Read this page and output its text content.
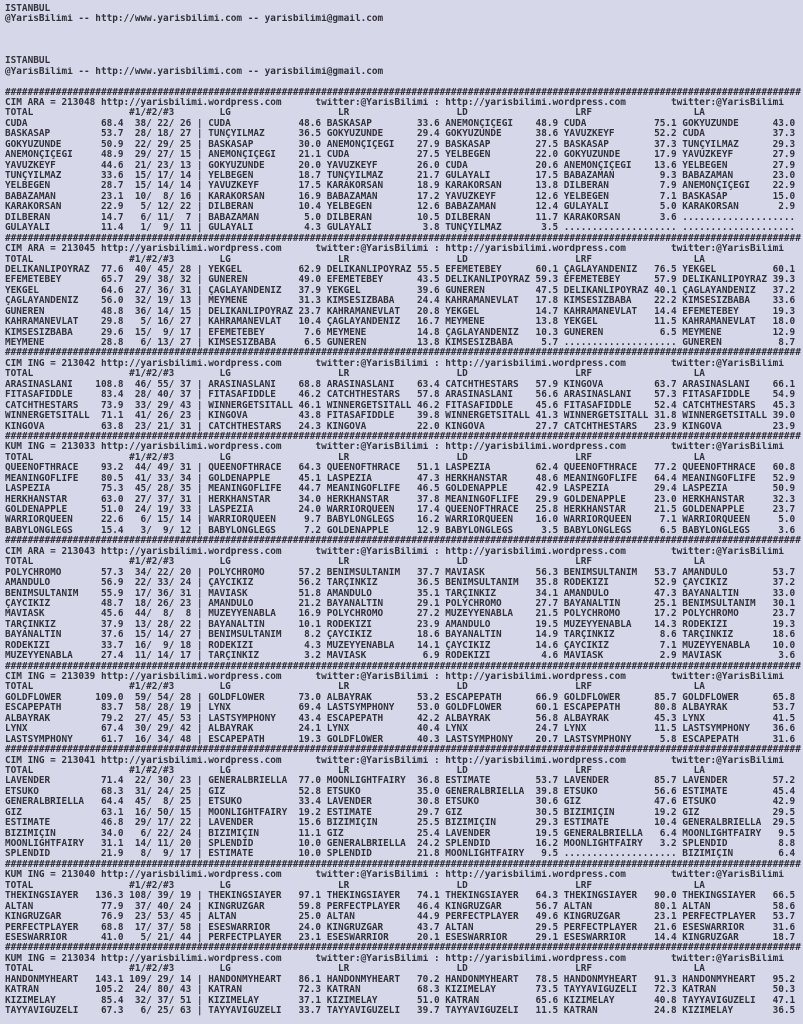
ISTANBUL
@YarisBilimi -- http://www.yarisbilimi.com -- yarisbilimi@gmail.com

ISTANBUL
@YarisBilimi -- http://www.yarisbilimi.com -- yarisbilimi@gmail.com

#############################################################################################################################################
CIM ARA = 213048 http://yarisbilimi.wordpress.com      twitter:@YarisBilimi : http://yarisbilimi.wordpress.com        twitter:@YarisBilimi
TOTAL                 #1/#2/#3        LG                   LR                   LD                   LRF                  LA
CÜDA             68.4  38/ 22/ 26 | CÜDA            48.6 BASKASAP        33.6 ANEMONÇIÇEGI    48.9 CÜDA            75.1 GÖKYÜZÜNDE      43.0
BASKASAP         53.7  28/ 18/ 27 | TUNÇYILMAZ      36.5 GÖKYÜZÜNDE      29.4 GÖKYÜZÜNDE      38.6 YAVUZKEYF       52.2 CÜDA            37.3
GÖKYÜZÜNDE       50.9  22/ 29/ 25 | BASKASAP        30.0 ANEMONÇIÇEGI    27.9 BASKASAP        27.5 BASKASAP        37.3 TUNÇYILMAZ      29.3
ANEMONÇIÇEGI     48.9  29/ 27/ 15 | ANEMONÇIÇEGI    21.1 CÜDA            27.5 YELBEGEN        22.0 GÖKYÜZÜNDE      17.9 YAVUZKEYF       27.9
YAVUZKEYF        44.6  21/ 23/ 13 | GÖKYÜZÜNDE      20.0 YAVUZKEYF       26.0 CÜDA            20.6 ANEMONÇIÇEGI    13.6 YELBEGEN        27.9
TUNÇYILMAZ       33.6  15/ 17/ 14 | YELBEGEN        18.7 TUNÇYILMAZ      21.7 GÜLAYALI        17.5 BABAZAMAN        9.3 BABAZAMAN       23.0
YELBEGEN         28.7  15/ 14/ 14 | YAVUZKEYF       17.5 KARAKORSAN      18.9 KARAKORSAN      13.8 DILBERAN         7.9 ANEMONÇIÇEGI    22.9
BABAZAMAN        23.1  10/  8/ 16 | KARAKORSAN      16.9 BABAZAMAN       17.2 YAVUZKEYF       12.6 YELBEGEN         7.1 BASKASAP        15.0
KARAKORSAN       22.9   5/ 12/ 22 | DILBERAN        10.4 YELBEGEN        12.6 BABAZAMAN       12.4 GÜLAYALI         5.0 KARAKORSAN       2.9
DILBERAN         14.7   6/ 11/  7 | BABAZAMAN        5.0 DILBERAN        10.5 DILBERAN        11.7 KARAKORSAN       3.6 ....................
GÜLAYALI         11.4   1/  9/ 11 | GÜLAYALI         4.3 GÜLAYALI         3.8 TUNÇYILMAZ       3.5 .................... ....................
#############################################################################################################################################
CIM ARA = 213045 http://yarisbilimi.wordpress.com      twitter:@YarisBilimi : http://yarisbilimi.wordpress.com        twitter:@YarisBilimi
TOTAL                 #1/#2/#3        LG                   LR                   LD                   LRF                  LA
DELIKANLIPOYRAZ  77.6  40/ 45/ 28 | YEKGEL          62.9 DELIKANLIPOYRAZ 55.5 EFEMETEBEY      60.1 ÇAGLAYANDENIZ   76.5 YEKGEL          60.1
EFEMETEBEY       65.7  29/ 38/ 32 | GÜNEREN         49.0 EFEMETEBEY      43.5 DELIKANLIPOYRAZ 59.3 EFEMETEBEY      57.9 DELIKANLIPOYRAZ 39.3
YEKGEL           64.6  27/ 36/ 31 | ÇAGLAYANDENIZ   37.9 YEKGEL          39.6 GÜNEREN         47.5 DELIKANLIPOYRAZ 40.1 ÇAGLAYANDENIZ   37.2
ÇAGLAYANDENIZ    56.0  32/ 19/ 13 | MEYMENE         31.3 KIMSESIZBABA    24.4 KAHRAMANEVLAT   17.8 KIMSESIZBABA    22.2 KIMSESIZBABA    33.6
GÜNEREN          48.8  36/ 14/ 15 | DELIKANLIPOYRAZ 23.7 KAHRAMANEVLAT   20.8 YEKGEL          14.7 KAHRAMANEVLAT   14.4 EFEMETEBEY      19.3
KAHRAMANEVLAT    29.8   5/ 16/ 27 | KAHRAMANEVLAT   10.4 ÇAGLAYANDENIZ   16.7 MEYMENE         13.8 YEKGEL          11.5 KAHRAMANEVLAT   18.0
KIMSESIZBABA     29.6  15/  9/ 17 | EFEMETEBEY       7.6 MEYMENE         14.8 ÇAGLAYANDENIZ   10.3 GÜNEREN          6.5 MEYMENE         12.9
MEYMENE          28.8   6/ 13/ 27 | KIMSESIZBABA     6.5 GÜNEREN         13.8 KIMSESIZBABA     5.7 .................... GÜNEREN          8.7
#############################################################################################################################################
CIM ING = 213042 http://yarisbilimi.wordpress.com      twitter:@YarisBilimi : http://yarisbilimi.wordpress.com        twitter:@YarisBilimi
TOTAL                 #1/#2/#3        LG                   LR                   LD                   LRF                  LA
ARASINASLANI    108.8  46/ 55/ 37 | ARASINASLANI    68.8 ARASINASLANI    63.4 CATCHTHESTARS   57.9 KINGOVA         63.7 ARASINASLANI    66.1
FITASAFIDDLE     83.4  28/ 40/ 37 | FITASAFIDDLE    46.2 CATCHTHESTARS   57.8 ARASINASLANI    56.6 ARASINASLANI    57.3 FITASAFIDDLE    54.9
CATCHTHESTARS    73.9  33/ 29/ 43 | WINNERGETSITALL 46.1 WINNERGETSITALL 46.2 FITASAFIDDLE    45.6 FITASAFIDDLE    52.4 CATCHTHESTARS   45.3
WINNERGETSITALL  71.1  41/ 26/ 23 | KINGOVA         43.8 FITASAFIDDLE    39.8 WINNERGETSITALL 41.3 WINNERGETSITALL 31.8 WINNERGETSITALL 39.0
KINGOVA          63.8  23/ 21/ 31 | CATCHTHESTARS   24.3 KINGOVA         22.0 KINGOVA         27.7 CATCHTHESTARS   23.9 KINGOVA         23.9
#############################################################################################################################################
KUM ING = 213033 http://yarisbilimi.wordpress.com      twitter:@YarisBilimi : http://yarisbilimi.wordpress.com        twitter:@YarisBilimi
TOTAL                 #1/#2/#3        LG                   LR                   LD                   LRF                  LA
QUEENOFTHRACE    93.2  44/ 49/ 31 | QUEENOFTHRACE   64.3 QUEENOFTHRACE   51.1 LASPEZIA        62.4 QUEENOFTHRACE   77.2 QUEENOFTHRACE   60.8
MEANINGOFLIFE    80.5  41/ 33/ 34 | GOLDENAPPLE     45.1 LASPEZIA        47.3 HERKHANSTAR     48.6 MEANINGOFLIFE   64.4 MEANINGOFLIFE   52.9
LASPEZIA         75.3  45/ 28/ 35 | MEANINGOFLIFE   44.7 MEANINGOFLIFE   46.5 GOLDENAPPLE     42.9 LASPEZIA        29.4 LASPEZIA        50.9
HERKHANSTAR      63.0  27/ 37/ 31 | HERKHANSTAR     34.0 HERKHANSTAR     37.8 MEANINGOFLIFE   29.9 GOLDENAPPLE     23.0 HERKHANSTAR     32.3
GOLDENAPPLE      51.0  24/ 19/ 33 | LASPEZIA        24.0 WARRIORQUEEN    17.4 QUEENOFTHRACE   25.8 HERKHANSTAR     21.5 GOLDENAPPLE     23.7
WARRIORQUEEN     22.6   6/ 15/ 14 | WARRIORQUEEN     9.7 BABYLONGLEGS    16.2 WARRIORQUEEN    16.0 WARRIORQUEEN     7.1 WARRIORQUEEN     5.0
BABYLONGLEGS     15.4   3/  9/ 12 | BABYLONGLEGS     7.2 GOLDENAPPLE     12.9 BABYLONGLEGS     3.5 BABYLONGLEGS     6.5 BABYLONGLEGS     3.6
#############################################################################################################################################
CIM ARA = 213043 http://yarisbilimi.wordpress.com      twitter:@YarisBilimi : http://yarisbilimi.wordpress.com        twitter:@YarisBilimi
TOTAL                 #1/#2/#3        LG                   LR                   LD                   LRF                  LA
POLYCHROMO       57.3  34/ 22/ 20 | POLYCHROMO      57.2 BENIMSULTANIM   37.7 MAVIASK         56.3 BENIMSULTANIM   53.7 AMANDULO        53.7
AMANDULO         56.9  22/ 33/ 24 | ÇAYCIKIZ        56.2 TARÇINKIZ       36.5 BENIMSULTANIM   35.8 RODEKIZI        52.9 ÇAYCIKIZ        37.2
BENIMSULTANIM    55.9  17/ 36/ 31 | MAVIASK         51.8 AMANDULO        35.1 TARÇINKIZ       34.1 AMANDULO        47.3 BAYANALTIN      33.0
ÇAYCIKIZ         48.7  18/ 26/ 23 | AMANDULO        21.2 BAYANALTIN      29.1 POLYCHROMO      27.7 BAYANALTIN      25.1 BENIMSULTANIM   30.1
MAVIASK          45.6  44/  8/  8 | MÜZEYYENABLA    16.9 POLYCHROMO      27.2 MÜZEYYENABLA    21.5 POLYCHROMO      17.2 POLYCHROMO      23.7
TARÇINKIZ        37.9  13/ 28/ 22 | BAYANALTIN      10.1 RODEKIZI        23.9 AMANDULO        19.5 MÜZEYYENABLA    14.3 RODEKIZI        19.3
BAYANALTIN       37.6  15/ 14/ 27 | BENIMSULTANIM    8.2 ÇAYCIKIZ        18.6 BAYANALTIN      14.9 TARÇINKIZ        8.6 TARÇINKIZ       18.6
RODEKIZI         33.7  16/  9/ 18 | RODEKIZI         4.3 MÜZEYYENABLA    14.1 ÇAYCIKIZ        14.6 ÇAYCIKIZ         7.1 MÜZEYYENABLA    10.0
MÜZEYYENABLA     27.4  11/ 14/ 17 | TARÇINKIZ        3.2 MAVIASK          6.9 RODEKIZI         4.6 MAVIASK          2.9 MAVIASK          3.6
#############################################################################################################################################
CIM ING = 213039 http://yarisbilimi.wordpress.com      twitter:@YarisBilimi : http://yarisbilimi.wordpress.com        twitter:@YarisBilimi
TOTAL                 #1/#2/#3        LG                   LR                   LD                   LRF                  LA
GOLDFLOWER      109.0  59/ 54/ 28 | GOLDFLOWER      73.0 ALBAYRAK        53.2 ESCAPEPATH      66.9 GOLDFLOWER      85.7 GOLDFLOWER      65.8
ESCAPEPATH       83.7  58/ 28/ 19 | LYNX            69.4 LASTSYMPHONY    53.0 GOLDFLOWER      60.1 ESCAPEPATH      80.8 ALBAYRAK        53.7
ALBAYRAK         79.2  27/ 45/ 53 | LASTSYMPHONY    43.4 ESCAPEPATH      42.2 ALBAYRAK        56.8 ALBAYRAK        45.3 LYNX            41.5
LYNX             67.4  30/ 29/ 42 | ALBAYRAK        24.1 LYNX            40.4 LYNX            24.7 LYNX            11.5 LASTSYMPHONY    36.6
LASTSYMPHONY     61.7  16/ 34/ 48 | ESCAPEPATH      19.3 GOLDFLOWER      40.3 LASTSYMPHONY    20.7 LASTSYMPHONY     5.8 ESCAPEPATH      31.6
#############################################################################################################################################
CIM ING = 213041 http://yarisbilimi.wordpress.com      twitter:@YarisBilimi : http://yarisbilimi.wordpress.com        twitter:@YarisBilimi
TOTAL                 #1/#2/#3        LG                   LR                   LD                   LRF                  LA
LAVENDER         71.4  22/ 30/ 23 | GENERALBRIELLA  77.0 MOONLIGHTFAIRY  36.8 ESTIMATE        53.7 LAVENDER        85.7 LAVENDER        57.2
ETSUKO           68.3  31/ 24/ 25 | GIZ             52.8 ETSUKO          35.0 GENERALBRIELLA  39.8 ETSUKO          56.6 ESTIMATE        45.4
GENERALBRIELLA   64.4  45/  8/ 25 | ETSUKO          33.4 LAVENDER        30.8 ETSUKO          30.6 GIZ             47.6 ETSUKO          42.9
GIZ              63.1  16/ 50/ 15 | MOONLIGHTFAIRY  19.2 ESTIMATE        29.7 GIZ             30.5 BIZIMIÇIN       19.2 GIZ             29.5
ESTIMATE         46.8  29/ 17/ 22 | LAVENDER        15.6 BIZIMIÇIN       25.5 BIZIMIÇIN       29.3 ESTIMATE        10.4 GENERALBRIELLA  29.5
BIZIMIÇIN        34.0   6/ 22/ 24 | BIZIMIÇIN       11.1 GIZ             25.4 LAVENDER        19.5 GENERALBRIELLA   6.4 MOONLIGHTFAIRY   9.5
MOONLIGHTFAIRY   31.1  14/ 11/ 20 | SPLENDID        10.0 GENERALBRIELLA  24.2 SPLENDID        16.2 MOONLIGHTFAIRY   3.2 SPLENDID         8.8
SPLENDID         21.9   8/  9/ 17 | ESTIMATE        10.0 SPLENDID        21.8 MOONLIGHTFAIRY   9.5 .................... BIZIMIÇIN        6.4
#############################################################################################################################################
KUM ING = 213040 http://yarisbilimi.wordpress.com      twitter:@YarisBilimi : http://yarisbilimi.wordpress.com        twitter:@YarisBilimi
TOTAL                 #1/#2/#3        LG                   LR                   LD                   LRF                  LA
THEKINGSIAYER   136.3 108/ 39/ 19 | THEKINGSIAYER   97.1 THEKINGSIAYER   74.1 THEKINGSIAYER   64.3 THEKINGSIAYER   90.0 THEKINGSIAYER   66.5
ALTAN            77.9  37/ 40/ 24 | KINGRÜZGAR      59.8 PERFECTPLAYER   46.4 KINGRÜZGAR      56.7 ALTAN           80.1 ALTAN           58.6
KINGRÜZGAR       76.9  23/ 53/ 45 | ALTAN           25.0 ALTAN           44.9 PERFECTPLAYER   49.6 KINGRÜZGAR      23.1 PERFECTPLAYER   53.7
PERFECTPLAYER    68.8  17/ 37/ 58 | ESESWARRIOR     24.0 KINGRÜZGAR      43.7 ALTAN           29.5 PERFECTPLAYER   21.6 ESESWARRIOR     31.6
ESESWARRIOR      41.0   5/ 21/ 44 | PERFECTPLAYER   23.1 ESESWARRIOR     20.1 ESESWARRIOR     29.1 ESESWARRIOR     14.4 KINGRÜZGAR      18.7
#############################################################################################################################################
KUM ING = 213034 http://yarisbilimi.wordpress.com      twitter:@YarisBilimi : http://yarisbilimi.wordpress.com        twitter:@YarisBilimi
TOTAL                 #1/#2/#3        LG                   LR                   LD                   LRF                  LA
HANDONMYHEART   143.1 109/ 29/ 14 | HANDONMYHEART   86.1 HANDONMYHEART   70.2 HANDONMYHEART   78.5 HANDONMYHEART   91.3 HANDONMYHEART   95.2
KATRAN          105.2  24/ 80/ 43 | KATRAN          72.3 KATRAN          68.3 KIZIMELAY       73.5 TAYYAVIGÜZELI   72.3 KATRAN          50.3
KIZIMELAY        85.4  32/ 37/ 51 | KIZIMELAY       37.1 KIZIMELAY       51.0 KATRAN          65.6 KIZIMELAY       40.8 TAYYAVIGÜZELI   47.1
TAYYAVIGÜZELI    67.3   6/ 25/ 63 | TAYYAVIGÜZELI   33.7 TAYYAVIGÜZELI   39.7 TAYYAVIGÜZELI   11.5 KATRAN          24.8 KIZIMELAY       36.5
